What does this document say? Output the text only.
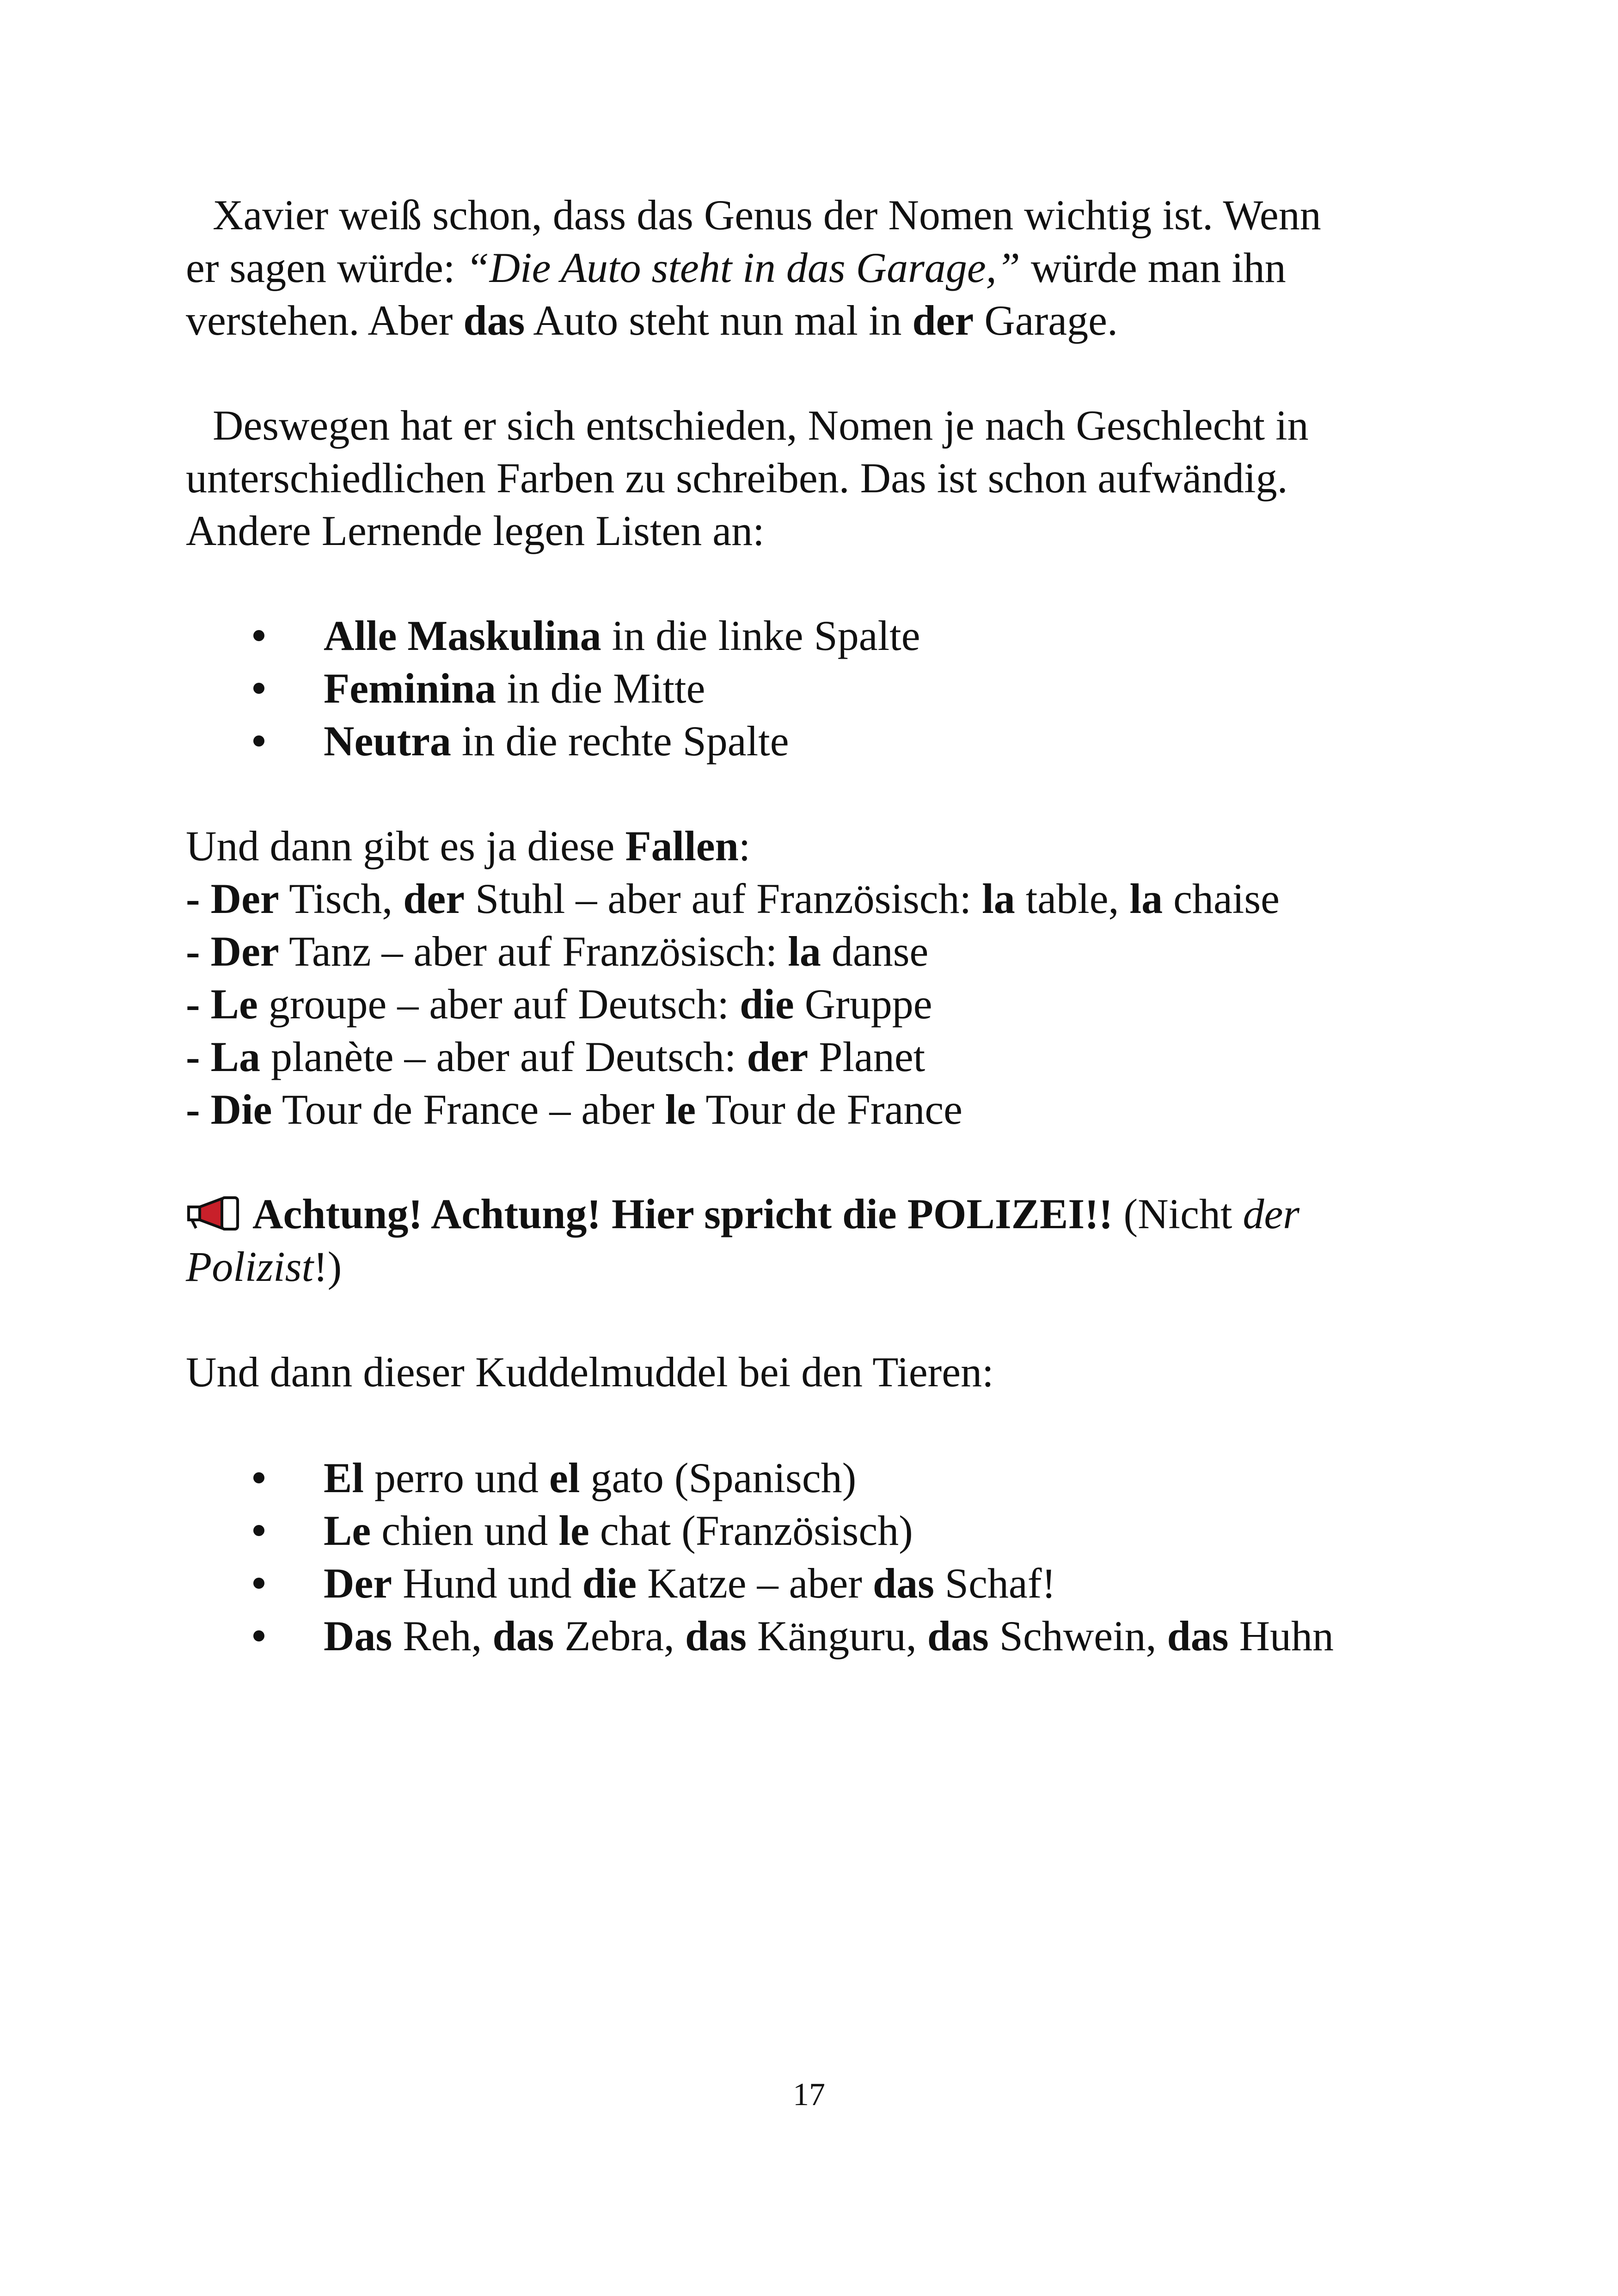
Xavier weiß schon, dass das Genus der Nomen wichtig ist. Wenn
er sagen würde: “Die Auto steht in das Garage,” würde man ihn
verstehen. Aber das Auto steht nun mal in der Garage.
Deswegen hat er sich entschieden, Nomen je nach Geschlecht in
unterschiedlichen Farben zu schreiben. Das ist schon aufwändig.
Andere Lernende legen Listen an:
Alle Maskulina in die linke Spalte
Feminina in die Mitte
Neutra in die rechte Spalte
Und dann gibt es ja diese Fallen:
- Der Tisch, der Stuhl – aber auf Französisch: la table, la chaise
- Der Tanz – aber auf Französisch: la danse
- Le groupe – aber auf Deutsch: die Gruppe
- La planète – aber auf Deutsch: der Planet
- Die Tour de France – aber le Tour de France
Achtung! Achtung! Hier spricht die POLIZEI!! (Nicht der
Polizist!)
Und dann dieser Kuddelmuddel bei den Tieren:
El perro und el gato (Spanisch)
Le chien und le chat (Französisch)
Der Hund und die Katze – aber das Schaf!
Das Reh, das Zebra, das Känguru, das Schwein, das Huhn
17
